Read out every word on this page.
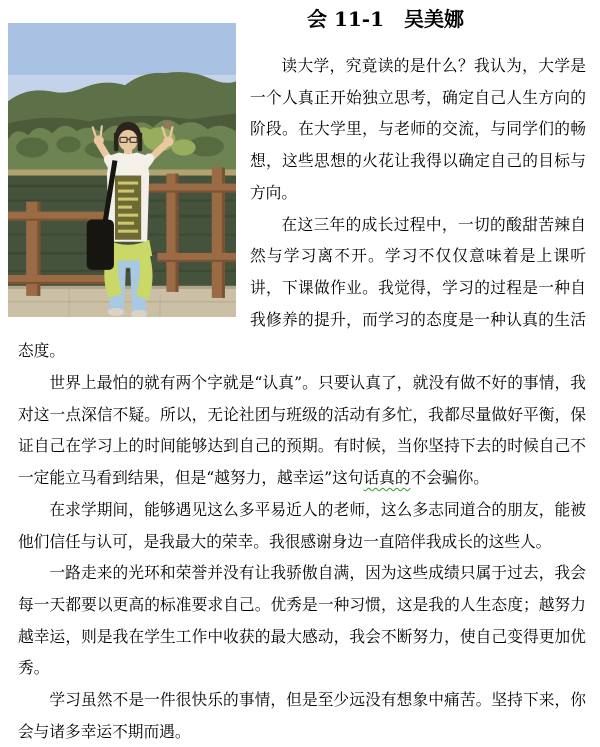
会 11-1　吴美娜

读大学，究竟读的是什么？我认为，大学是一个人真正开始独立思考，确定自己人生方向的阶段。在大学里，与老师的交流，与同学们的畅想，这些思想的火花让我得以确定自己的目标与方向。

在这三年的成长过程中，一切的酸甜苦辣自然与学习离不开。学习不仅仅意味着是上课听讲，下课做作业。我觉得，学习的过程是一种自我修养的提升，而学习的态度是一种认真的生活态度。

世界上最怕的就有两个字就是“认真”。只要认真了，就没有做不好的事情，我对这一点深信不疑。所以，无论社团与班级的活动有多忙，我都尽量做好平衡，保证自己在学习上的时间能够达到自己的预期。有时候，当你坚持下去的时候自己不一定能立马看到结果，但是“越努力，越幸运”这句话真的不会骗你。

在求学期间，能够遇见这么多平易近人的老师，这么多志同道合的朋友，能被他们信任与认可，是我最大的荣幸。我很感谢身边一直陪伴我成长的这些人。

一路走来的光环和荣誉并没有让我骄傲自满，因为这些成绩只属于过去，我会每一天都要以更高的标准要求自己。优秀是一种习惯，这是我的人生态度；越努力越幸运，则是我在学生工作中收获的最大感动，我会不断努力，使自己变得更加优秀。

学习虽然不是一件很快乐的事情，但是至少远没有想象中痛苦。坚持下来，你会与诸多幸运不期而遇。
